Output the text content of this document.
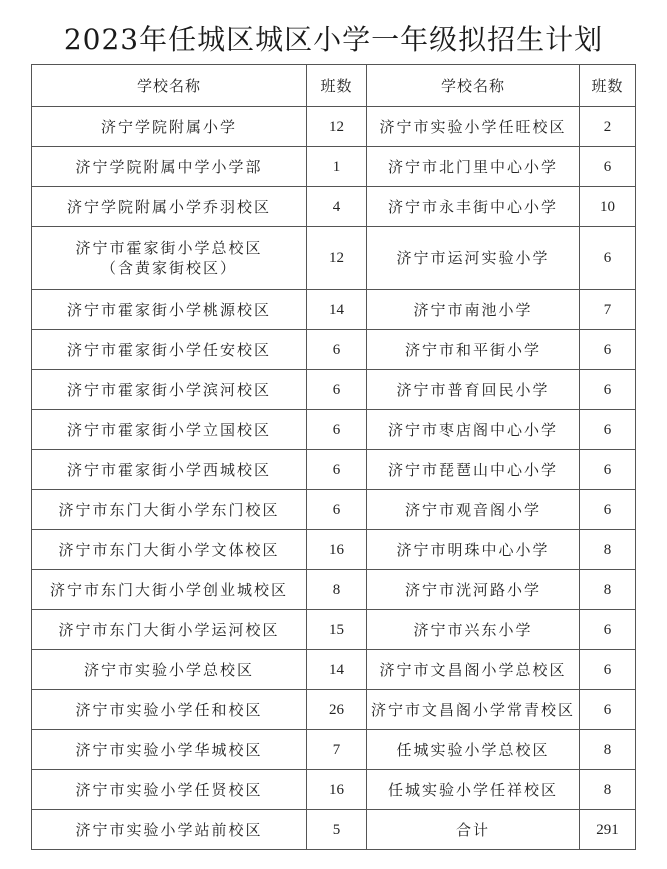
2023年任城区城区小学一年级拟招生计划
学校名称	班数	学校名称	班数
济宁学院附属小学	12	济宁市实验小学任旺校区	2
济宁学院附属中学小学部	1	济宁市北门里中心小学	6
济宁学院附属小学乔羽校区	4	济宁市永丰街中心小学	10

济宁市霍家街小学总校区
（含黄家街校区）	12	济宁市运河实验小学	6
济宁市霍家街小学桃源校区	14	济宁市南池小学	7
济宁市霍家街小学任安校区	6	济宁市和平街小学	6
济宁市霍家街小学滨河校区	6	济宁市普育回民小学	6
济宁市霍家街小学立国校区	6	济宁市枣店阁中心小学	6
济宁市霍家街小学西城校区	6	济宁市琵琶山中心小学	6
济宁市东门大街小学东门校区	6	济宁市观音阁小学	6
济宁市东门大街小学文体校区	16	济宁市明珠中心小学	8
济宁市东门大街小学创业城校区	8	济宁市洸河路小学	8
济宁市东门大街小学运河校区	15	济宁市兴东小学	6
济宁市实验小学总校区	14	济宁市文昌阁小学总校区	6
济宁市实验小学任和校区	26	济宁市文昌阁小学常青校区	6
济宁市实验小学华城校区	7	任城实验小学总校区	8
济宁市实验小学任贤校区	16	任城实验小学任祥校区	8
济宁市实验小学站前校区	5	合计	291
